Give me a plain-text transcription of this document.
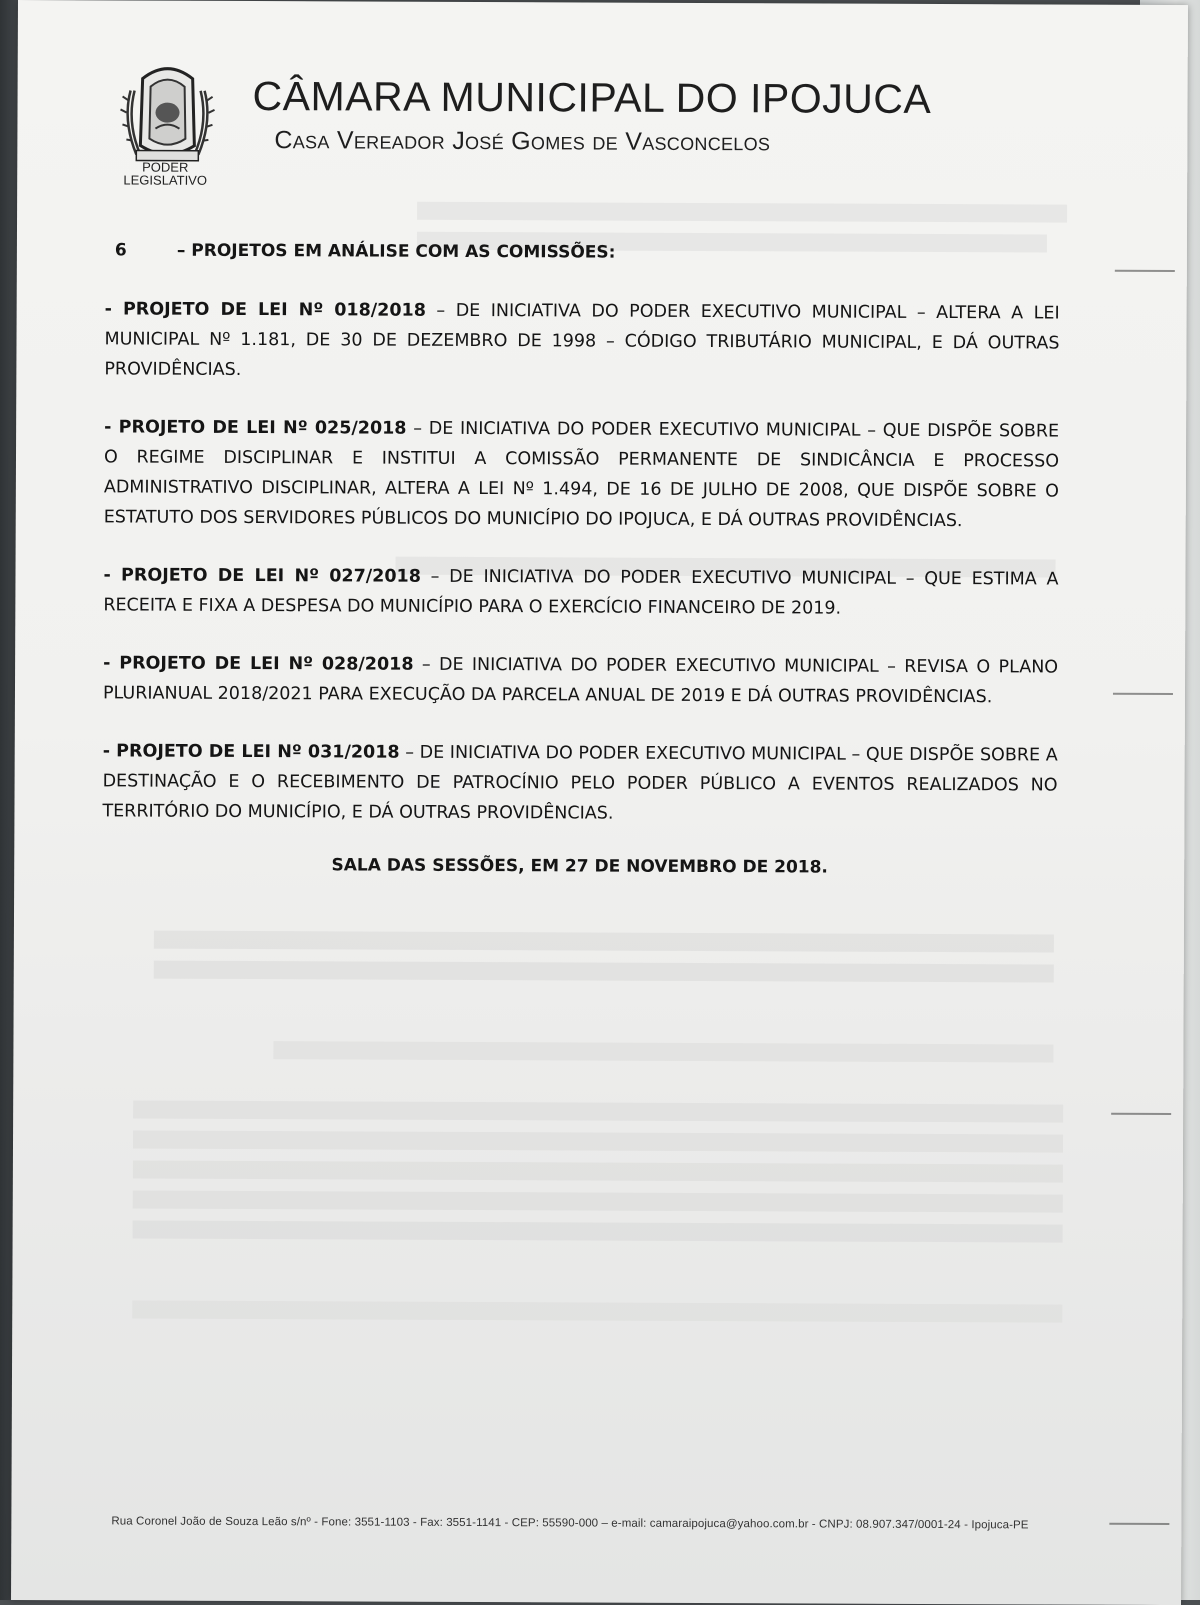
PODER
LEGISLATIVO
CÂMARA MUNICIPAL DO IPOJUCA
Casa Vereador José Gomes de Vasconcelos
6	– PROJETOS EM ANÁLISE COM AS COMISSÕES:

- PROJETO DE LEI Nº 018/2018 – DE INICIATIVA DO PODER EXECUTIVO MUNICIPAL – ALTERA A LEI MUNICIPAL Nº 1.181, DE 30 DE DEZEMBRO DE 1998 – CÓDIGO TRIBUTÁRIO MUNICIPAL, E DÁ OUTRAS PROVIDÊNCIAS.

- PROJETO DE LEI Nº 025/2018 – DE INICIATIVA DO PODER EXECUTIVO MUNICIPAL – QUE DISPÕE SOBRE O REGIME DISCIPLINAR E INSTITUI A COMISSÃO PERMANENTE DE SINDICÂNCIA E PROCESSO ADMINISTRATIVO DISCIPLINAR, ALTERA A LEI Nº 1.494, DE 16 DE JULHO DE 2008, QUE DISPÕE SOBRE O ESTATUTO DOS SERVIDORES PÚBLICOS DO MUNICÍPIO DO IPOJUCA, E DÁ OUTRAS PROVIDÊNCIAS.

- PROJETO DE LEI Nº 027/2018 – DE INICIATIVA DO PODER EXECUTIVO MUNICIPAL – QUE ESTIMA A RECEITA E FIXA A DESPESA DO MUNICÍPIO PARA O EXERCÍCIO FINANCEIRO DE 2019.

- PROJETO DE LEI Nº 028/2018 – DE INICIATIVA DO PODER EXECUTIVO MUNICIPAL – REVISA O PLANO PLURIANUAL 2018/2021 PARA EXECUÇÃO DA PARCELA ANUAL DE 2019 E DÁ OUTRAS PROVIDÊNCIAS.

- PROJETO DE LEI Nº 031/2018 – DE INICIATIVA DO PODER EXECUTIVO MUNICIPAL – QUE DISPÕE SOBRE A DESTINAÇÃO E O RECEBIMENTO DE PATROCÍNIO PELO PODER PÚBLICO A EVENTOS REALIZADOS NO TERRITÓRIO DO MUNICÍPIO, E DÁ OUTRAS PROVIDÊNCIAS.

SALA DAS SESSÕES, EM 27 DE NOVEMBRO DE 2018.
Rua Coronel João de Souza Leão s/nº - Fone: 3551-1103 - Fax: 3551-1141 - CEP: 55590-000 – e-mail: camaraipojuca@yahoo.com.br - CNPJ: 08.907.347/0001-24 - Ipojuca-PE
